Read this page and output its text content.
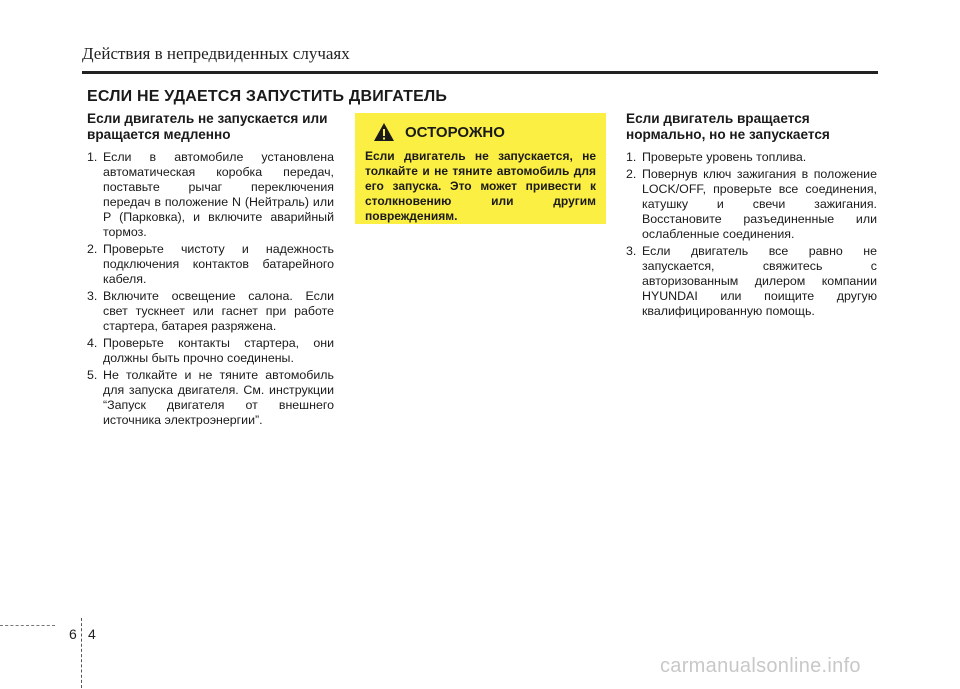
Действия в непредвиденных случаях
ЕСЛИ НЕ УДАЕТСЯ ЗАПУСТИТЬ ДВИГАТЕЛЬ
Если двигатель не запускается или вращается медленно
1. Если в автомобиле установлена автоматическая коробка передач, поставьте рычаг переключения передач в положение N (Нейтраль) или P (Парковка), и включите аварийный тормоз.
2. Проверьте чистоту и надежность подключения контактов батарейного кабеля.
3. Включите освещение салона. Если свет тускнеет или гаснет при работе стартера, батарея разряжена.
4. Проверьте контакты стартера, они должны быть прочно соединены.
5. Не толкайте и не тяните автомобиль для запуска двигателя. См. инструкции “Запуск двигателя от внешнего источника электроэнергии”.
ОСТОРОЖНО
Если двигатель не запускается, не толкайте и не тяните автомобиль для его запуска. Это может привести к столкновению или другим повреждениям.
Если двигатель вращается нормально, но не запускается
1. Проверьте уровень топлива.
2. Повернув ключ зажигания в положение LOCK/OFF, проверьте все соединения, катушку и свечи зажигания. Восстановите разъединенные или ослабленные соединения.
3. Если двигатель все равно не запускается, свяжитесь с авторизованным дилером компании HYUNDAI или поищите другую квалифицированную помощь.
6 4
carmanualsonline.info
